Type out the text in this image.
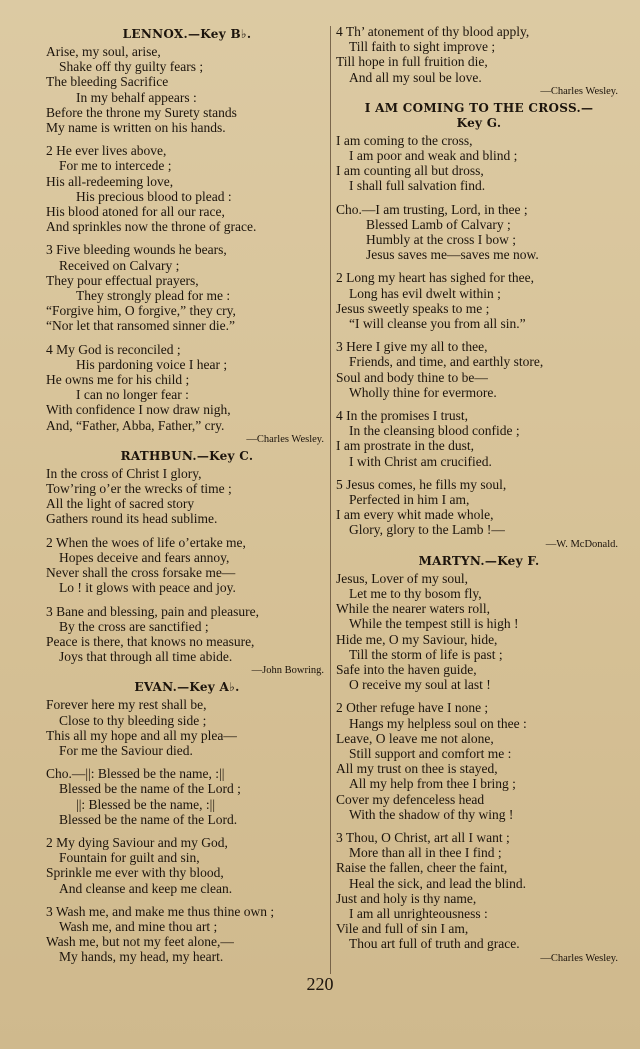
LENNOX.—Key B♭.
Arise, my soul, arise,
Shake off thy guilty fears ;
The bleeding Sacrifice
In my behalf appears :
Before the throne my Surety stands
My name is written on his hands.
2 He ever lives above,
For me to intercede ;
His all-redeeming love,
His precious blood to plead :
His blood atoned for all our race,
And sprinkles now the throne of grace.
3 Five bleeding wounds he bears,
Received on Calvary ;
They pour effectual prayers,
They strongly plead for me :
“Forgive him, O forgive,” they cry,
“Nor let that ransomed sinner die.”
4 My God is reconciled ;
His pardoning voice I hear ;
He owns me for his child ;
I can no longer fear :
With confidence I now draw nigh,
And, “Father, Abba, Father,” cry.
—Charles Wesley.
RATHBUN.—Key C.
In the cross of Christ I glory,
Tow’ring o’er the wrecks of time ;
All the light of sacred story
Gathers round its head sublime.
2 When the woes of life o’ertake me,
Hopes deceive and fears annoy,
Never shall the cross forsake me—
Lo ! it glows with peace and joy.
3 Bane and blessing, pain and pleasure,
By the cross are sanctified ;
Peace is there, that knows no measure,
Joys that through all time abide.
—John Bowring.
EVAN.—Key A♭.
Forever here my rest shall be,
Close to thy bleeding side ;
This all my hope and all my plea—
For me the Saviour died.
Cho.—||: Blessed be the name, :||
Blessed be the name of the Lord ;
||: Blessed be the name, :||
Blessed be the name of the Lord.
2 My dying Saviour and my God,
Fountain for guilt and sin,
Sprinkle me ever with thy blood,
And cleanse and keep me clean.
3 Wash me, and make me thus thine own ;
Wash me, and mine thou art ;
Wash me, but not my feet alone,—
My hands, my head, my heart.
4 Th’ atonement of thy blood apply,
Till faith to sight improve ;
Till hope in full fruition die,
And all my soul be love.
—Charles Wesley.
I AM COMING TO THE CROSS.—
Key G.
I am coming to the cross,
I am poor and weak and blind ;
I am counting all but dross,
I shall full salvation find.
Cho.—I am trusting, Lord, in thee ;
Blessed Lamb of Calvary ;
Humbly at the cross I bow ;
Jesus saves me—saves me now.
2 Long my heart has sighed for thee,
Long has evil dwelt within ;
Jesus sweetly speaks to me ;
“I will cleanse you from all sin.”
3 Here I give my all to thee,
Friends, and time, and earthly store,
Soul and body thine to be—
Wholly thine for evermore.
4 In the promises I trust,
In the cleansing blood confide ;
I am prostrate in the dust,
I with Christ am crucified.
5 Jesus comes, he fills my soul,
Perfected in him I am,
I am every whit made whole,
Glory, glory to the Lamb !—
—W. McDonald.
MARTYN.—Key F.
Jesus, Lover of my soul,
Let me to thy bosom fly,
While the nearer waters roll,
While the tempest still is high !
Hide me, O my Saviour, hide,
Till the storm of life is past ;
Safe into the haven guide,
O receive my soul at last !
2 Other refuge have I none ;
Hangs my helpless soul on thee :
Leave, O leave me not alone,
Still support and comfort me :
All my trust on thee is stayed,
All my help from thee I bring ;
Cover my defenceless head
With the shadow of thy wing !
3 Thou, O Christ, art all I want ;
More than all in thee I find ;
Raise the fallen, cheer the faint,
Heal the sick, and lead the blind.
Just and holy is thy name,
I am all unrighteousness :
Vile and full of sin I am,
Thou art full of truth and grace.
—Charles Wesley.
220
